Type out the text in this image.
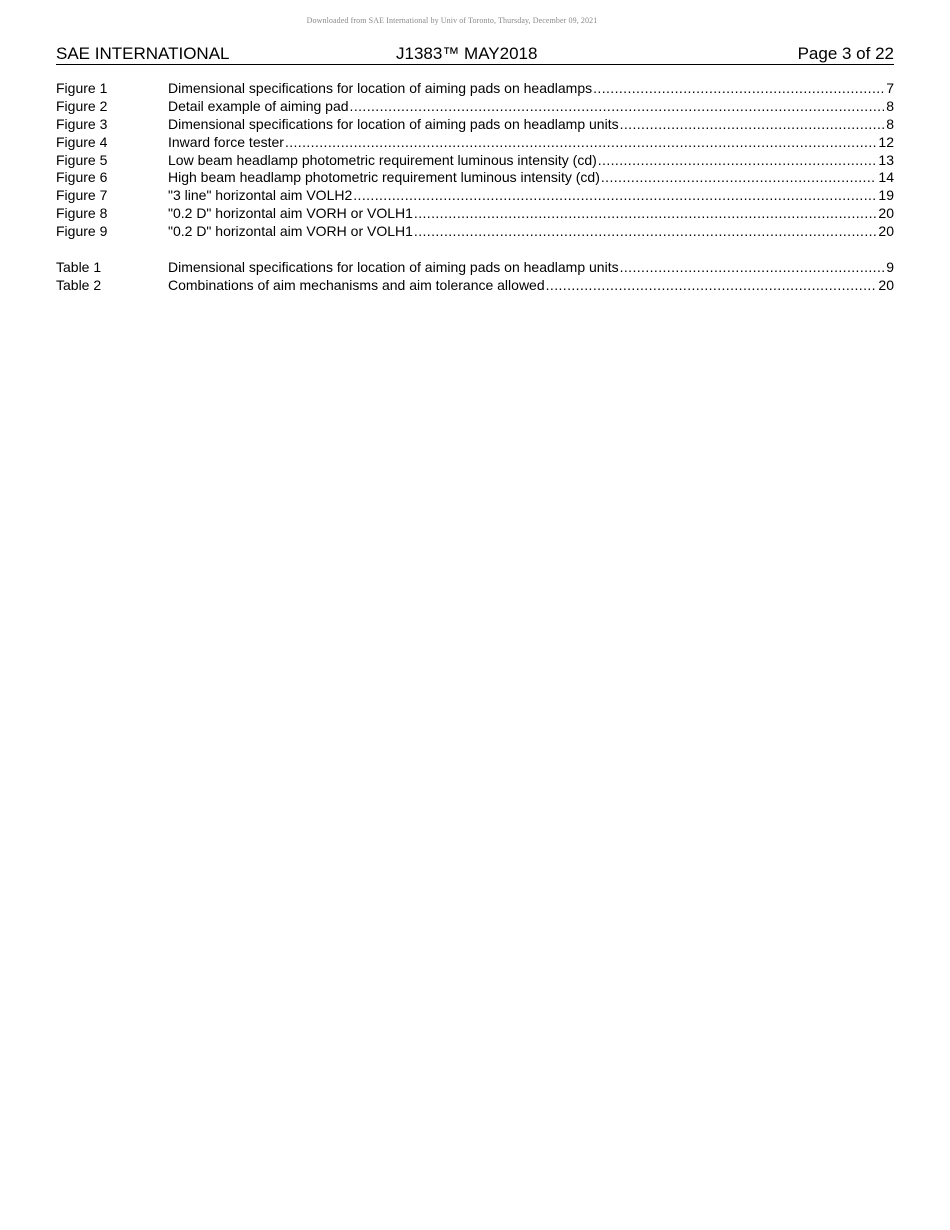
Downloaded from SAE International by Univ of Toronto, Thursday, December 09, 2021
SAE INTERNATIONAL	J1383™ MAY2018	Page 3 of 22
Figure 1	Dimensional specifications for location of aiming pads on headlamps .....	7
Figure 2	Detail example of aiming pad .....	8
Figure 3	Dimensional specifications for location of aiming pads on headlamp units .....	8
Figure 4	Inward force tester .....	12
Figure 5	Low beam headlamp photometric requirement luminous intensity (cd) .....	13
Figure 6	High beam headlamp photometric requirement luminous intensity (cd) .....	14
Figure 7	"3 line" horizontal aim VOLH2 .....	19
Figure 8	"0.2 D" horizontal aim VORH or VOLH1 .....	20
Figure 9	"0.2 D" horizontal aim VORH or VOLH1 .....	20
Table 1	Dimensional specifications for location of aiming pads on headlamp units .....	9
Table 2	Combinations of aim mechanisms and aim tolerance allowed .....	20
